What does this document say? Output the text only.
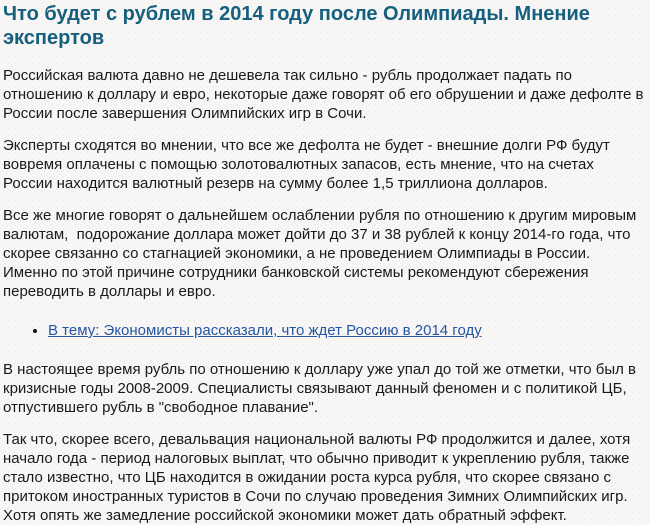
Что будет с рублем в 2014 году после Олимпиады. Мнение экспертов

Российская валюта давно не дешевела так сильно - рубль продолжает падать по отношению к доллару и евро, некоторые даже говорят об его обрушении и даже дефолте в России после завершения Олимпийских игр в Сочи.

Эксперты сходятся во мнении, что все же дефолта не будет - внешние долги РФ будут вовремя оплачены с помощью золотовалютных запасов, есть мнение, что на счетах России находится валютный резерв на сумму более 1,5 триллиона долларов.

Все же многие говорят о дальнейшем ослаблении рубля по отношению к другим мировым валютам,  подорожание доллара может дойти до 37 и 38 рублей к концу 2014-го года, что скорее связанно со стагнацией экономики, а не проведением Олимпиады в России. Именно по этой причине сотрудники банковской системы рекомендуют сбережения переводить в доллары и евро.

• В тему: Экономисты рассказали, что ждет Россию в 2014 году

В настоящее время рубль по отношению к доллару уже упал до той же отметки, что был в кризисные годы 2008-2009. Специалисты связывают данный феномен и с политикой ЦБ, отпустившего рубль в "свободное плавание".

Так что, скорее всего, девальвация национальной валюты РФ продолжится и далее, хотя начало года - период налоговых выплат, что обычно приводит к укреплению рубля, также стало известно, что ЦБ находится в ожидании роста курса рубля, что скорее связано с притоком иностранных туристов в Сочи по случаю проведения Зимних Олимпийских игр. Хотя опять же замедление российской экономики может дать обратный эффект.
